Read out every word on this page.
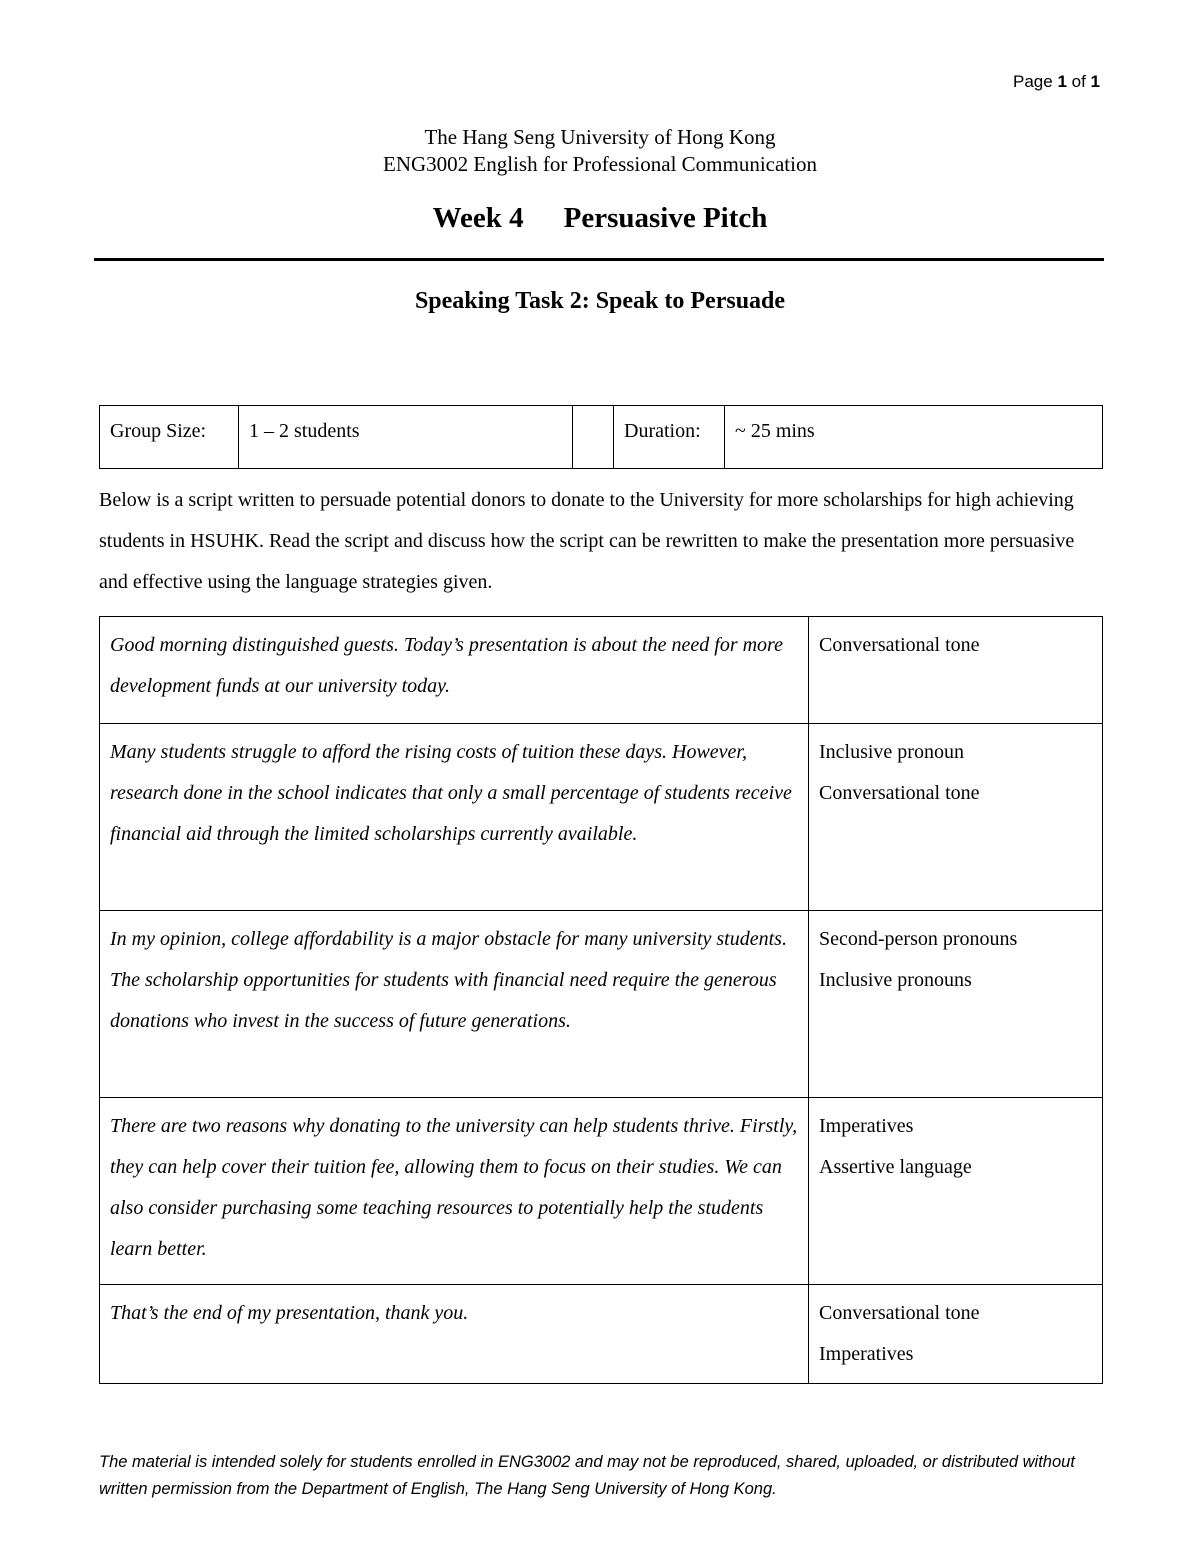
Page 1 of 1
The Hang Seng University of Hong Kong
ENG3002 English for Professional Communication
Week 4 Persuasive Pitch
Speaking Task 2: Speak to Persuade
Group Size:	1 – 2 students		Duration:	~ 25 mins
Below is a script written to persuade potential donors to donate to the University for more scholarships for high achieving students in HSUHK. Read the script and discuss how the script can be rewritten to make the presentation more persuasive and effective using the language strategies given.
Good morning distinguished guests. Today’s presentation is about the need for more development funds at our university today.	Conversational tone

Many students struggle to afford the rising costs of tuition these days. However, research done in the school indicates that only a small percentage of students receive financial aid through the limited scholarships currently available.	Inclusive pronoun
Conversational tone

In my opinion, college affordability is a major obstacle for many university students. The scholarship opportunities for students with financial need require the generous donations who invest in the success of future generations.	Second-person pronouns
Inclusive pronouns

There are two reasons why donating to the university can help students thrive. Firstly, they can help cover their tuition fee, allowing them to focus on their studies. We can also consider purchasing some teaching resources to potentially help the students learn better.	Imperatives
Assertive language

That’s the end of my presentation, thank you.	Conversational tone
Imperatives
The material is intended solely for students enrolled in ENG3002 and may not be reproduced, shared, uploaded, or distributed without written permission from the Department of English, The Hang Seng University of Hong Kong.
